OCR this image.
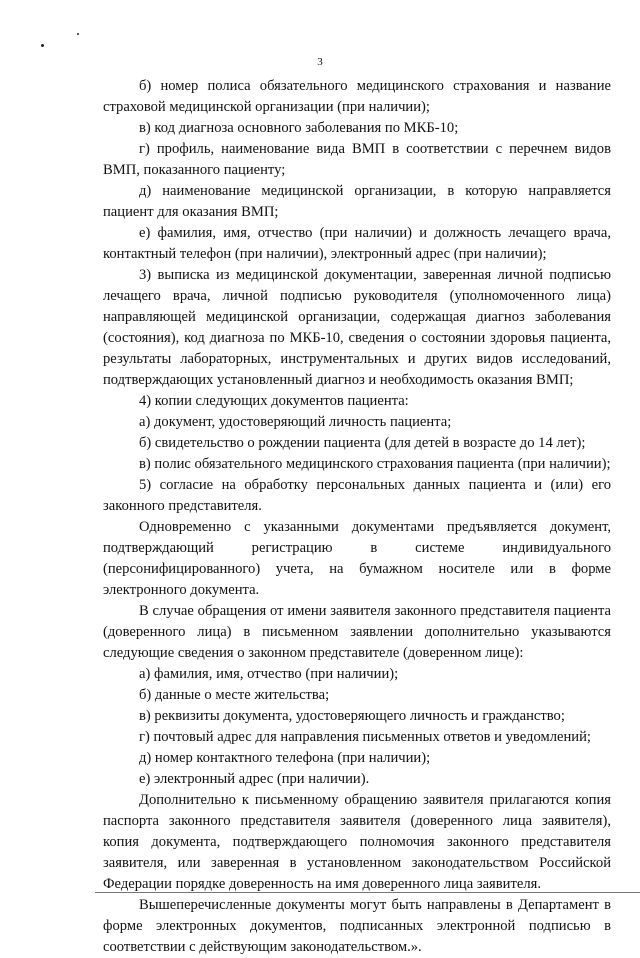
3

б) номер полиса обязательного медицинского страхования и название страховой медицинской организации (при наличии);

в) код диагноза основного заболевания по МКБ-10;

г) профиль, наименование вида ВМП в соответствии с перечнем видов ВМП, показанного пациенту;

д) наименование медицинской организации, в которую направляется пациент для оказания ВМП;

е) фамилия, имя, отчество (при наличии) и должность лечащего врача, контактный телефон (при наличии), электронный адрес (при наличии);

3) выписка из медицинской документации, заверенная личной подписью лечащего врача, личной подписью руководителя (уполномоченного лица) направляющей медицинской организации, содержащая диагноз заболевания (состояния), код диагноза по МКБ-10, сведения о состоянии здоровья пациента, результаты лабораторных, инструментальных и других видов исследований, подтверждающих установленный диагноз и необходимость оказания ВМП;

4) копии следующих документов пациента:

а) документ, удостоверяющий личность пациента;

б) свидетельство о рождении пациента (для детей в возрасте до 14 лет);

в) полис обязательного медицинского страхования пациента (при наличии);

5) согласие на обработку персональных данных пациента и (или) его законного представителя.

Одновременно с указанными документами предъявляется документ, подтверждающий регистрацию в системе индивидуального (персонифицированного) учета, на бумажном носителе или в форме электронного документа.

В случае обращения от имени заявителя законного представителя пациента (доверенного лица) в письменном заявлении дополнительно указываются следующие сведения о законном представителе (доверенном лице):

а) фамилия, имя, отчество (при наличии);

б) данные о месте жительства;

в) реквизиты документа, удостоверяющего личность и гражданство;

г) почтовый адрес для направления письменных ответов и уведомлений;

д) номер контактного телефона (при наличии);

е) электронный адрес (при наличии).

Дополнительно к письменному обращению заявителя прилагаются копия паспорта законного представителя заявителя (доверенного лица заявителя), копия документа, подтверждающего полномочия законного представителя заявителя, или заверенная в установленном законодательством Российской Федерации порядке доверенность на имя доверенного лица заявителя.

Вышеперечисленные документы могут быть направлены в Департамент в форме электронных документов, подписанных электронной подписью в соответствии с действующим законодательством.».
